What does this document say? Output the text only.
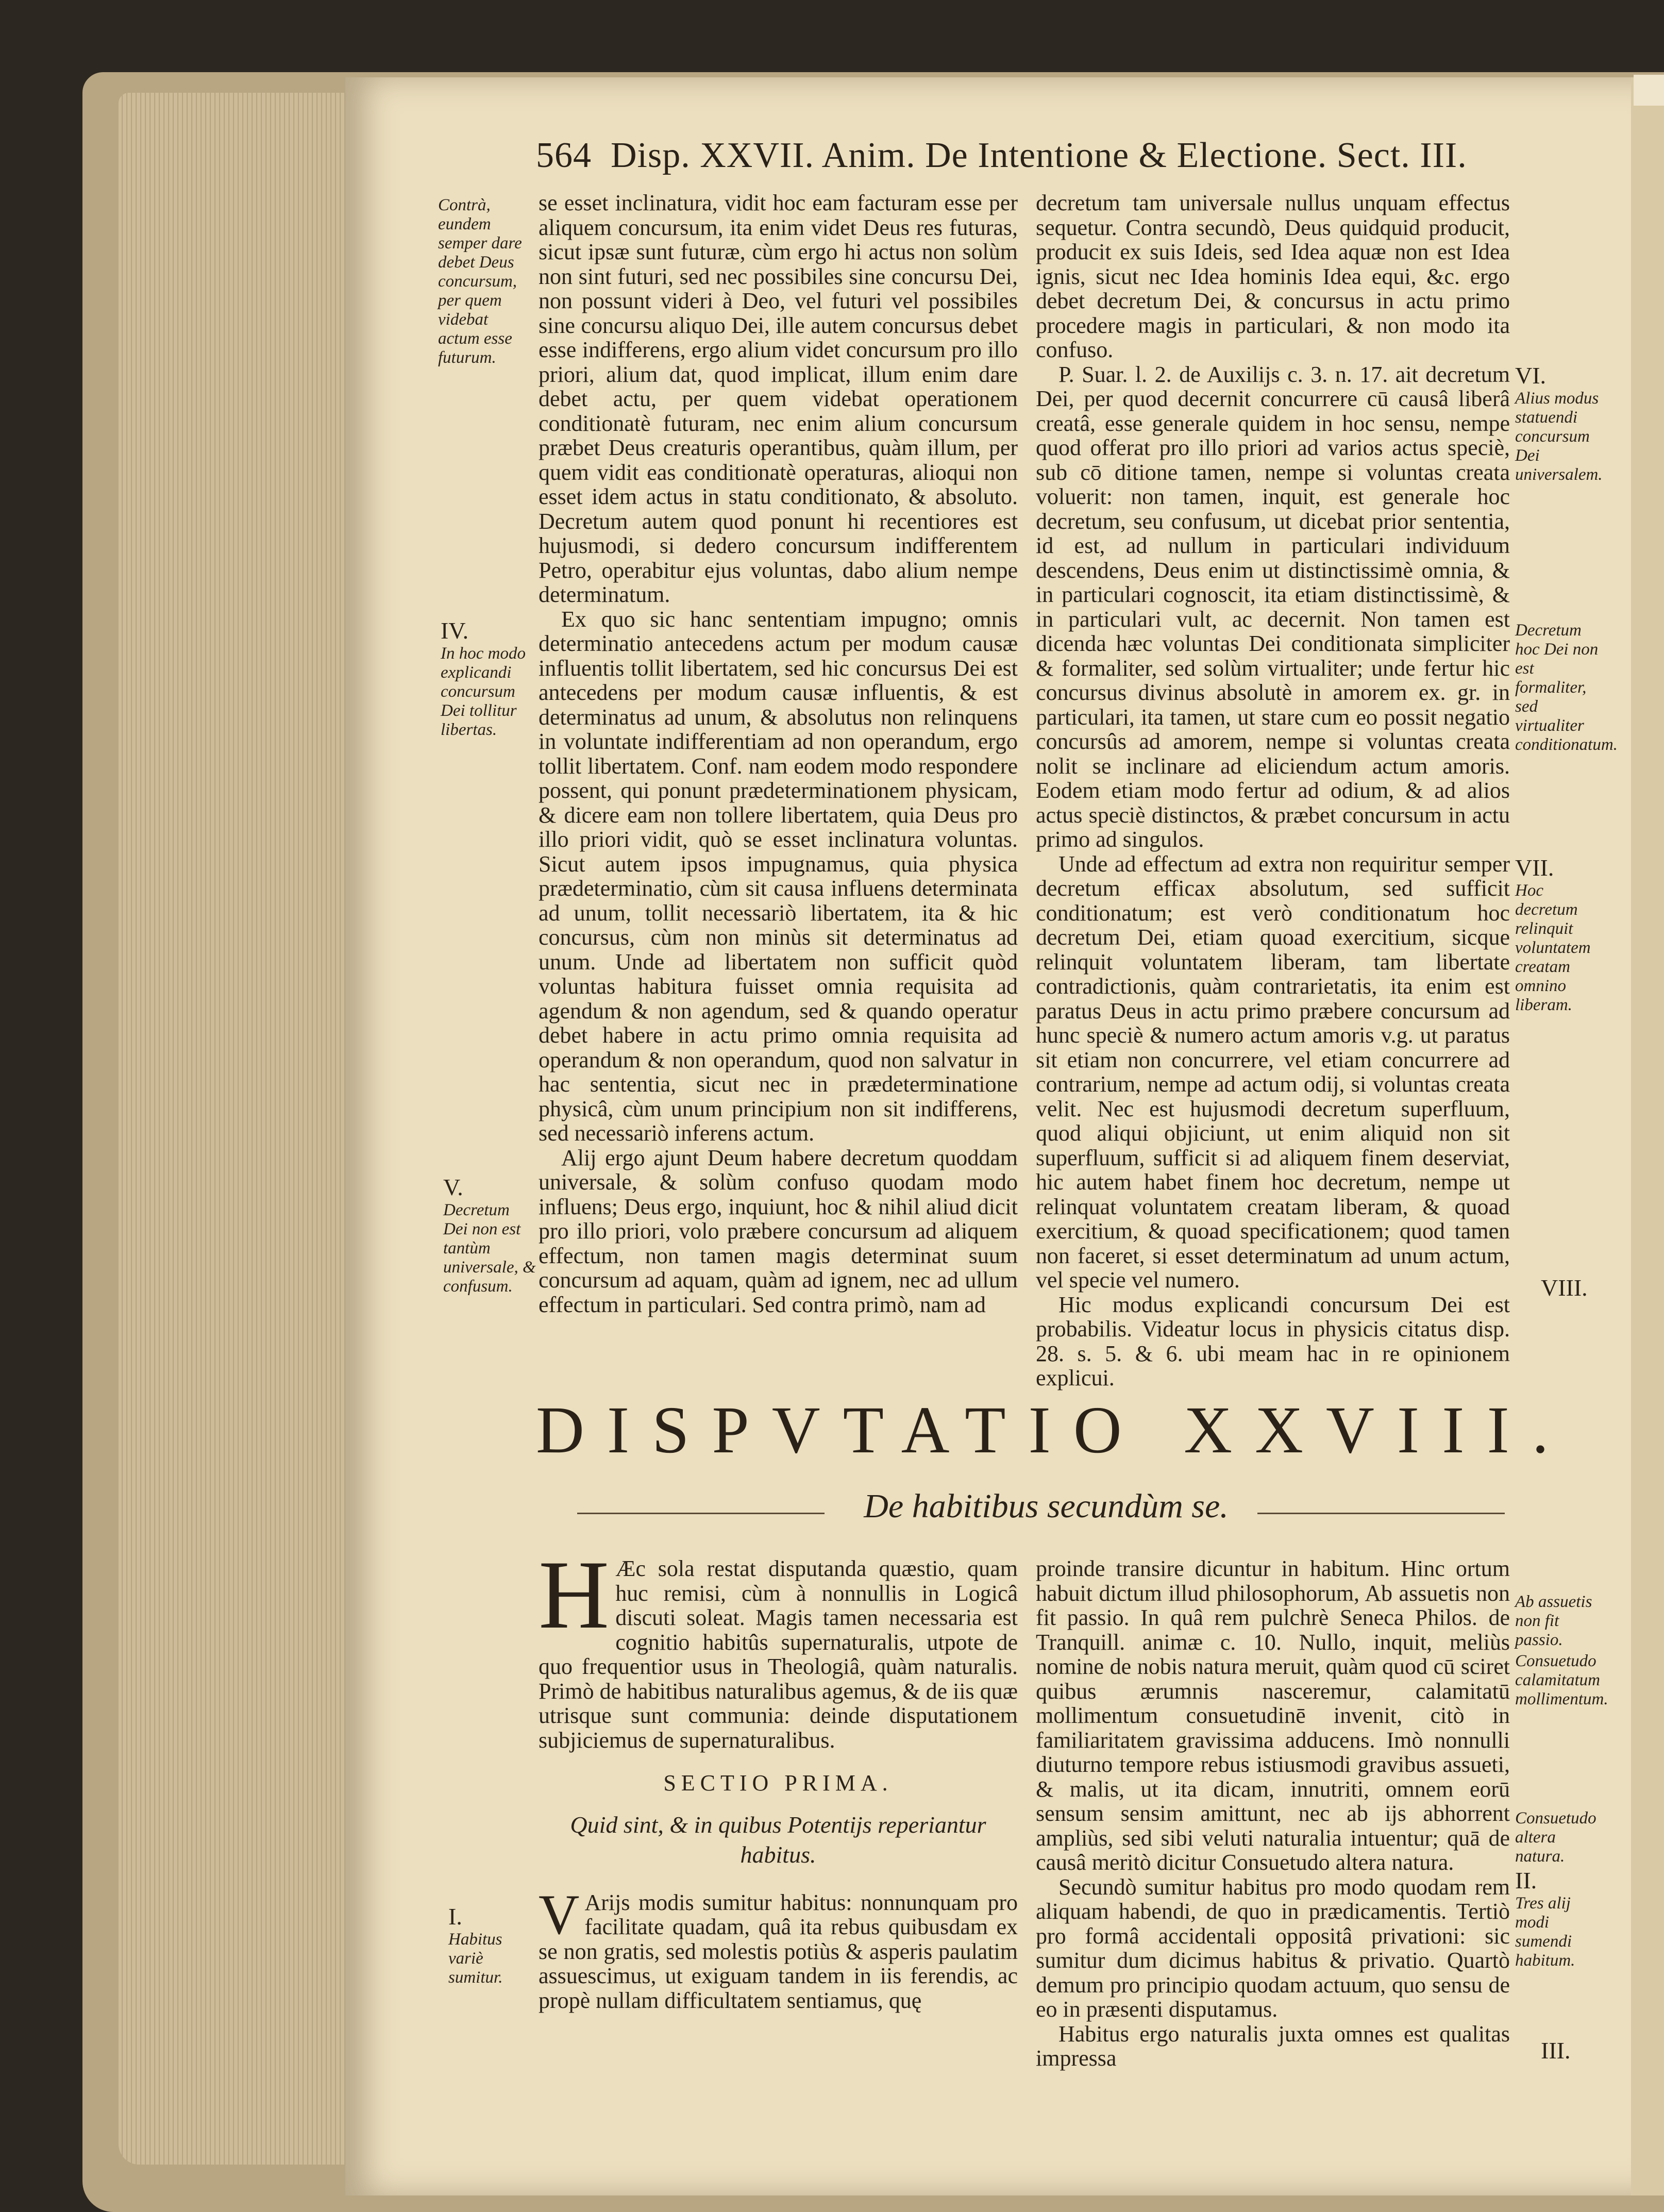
564 Disp. XXVII. Anim. De Intentione & Electione. Sect. III.
Contrà, eundem semper dare debet Deus concursum, per quem videbat actum esse futurum.
IV.
In hoc modo explicandi concursum Dei tollitur libertas.
V.
Decretum Dei non est tantùm universale, & confusum.

se esset inclinatura, vidit hoc eam facturam esse per aliquem concursum, ita enim videt Deus res futuras, sicut ipsæ sunt futuræ, cùm ergo hi actus non solùm non sint futuri, sed nec possibiles sine concursu Dei, non possunt videri à Deo, vel futuri vel possibiles sine concursu aliquo Dei, ille autem concursus debet esse indifferens, ergo alium videt concursum pro illo priori, alium dat, quod implicat, illum enim dare debet actu, per quem videbat operationem conditionatè futuram, nec enim alium concursum præbet Deus creaturis operantibus, quàm illum, per quem vidit eas conditionatè operaturas, alioqui non esset idem actus in statu conditionato, & absoluto. Decretum autem quod ponunt hi recentiores est hujusmodi, si dedero concursum indifferentem Petro, operabitur ejus voluntas, dabo alium nempe determinatum.

Ex quo sic hanc sententiam impugno; omnis determinatio antecedens actum per modum causæ influentis tollit libertatem, sed hic concursus Dei est antecedens per modum causæ influentis, & est determinatus ad unum, & absolutus non relinquens in voluntate indifferentiam ad non operandum, ergo tollit libertatem. Conf. nam eodem modo respondere possent, qui ponunt prædeterminationem physicam, & dicere eam non tollere libertatem, quia Deus pro illo priori vidit, quò se esset inclinatura voluntas. Sicut autem ipsos impugnamus, quia physica prædeterminatio, cùm sit causa influens determinata ad unum, tollit necessariò libertatem, ita & hic concursus, cùm non minùs sit determinatus ad unum. Unde ad libertatem non sufficit quòd voluntas habitura fuisset omnia requisita ad agendum & non agendum, sed & quando operatur debet habere in actu primo omnia requisita ad operandum & non operandum, quod non salvatur in hac sententia, sicut nec in prædeterminatione physicâ, cùm unum principium non sit indifferens, sed necessariò inferens actum.

Alij ergo ajunt Deum habere decretum quoddam universale, & solùm confuso quodam modo influens; Deus ergo, inquiunt, hoc & nihil aliud dicit pro illo priori, volo præbere concursum ad aliquem effectum, non tamen magis determinat suum concursum ad aquam, quàm ad ignem, nec ad ullum effectum in particulari. Sed contra primò, nam ad

decretum tam universale nullus unquam effectus sequetur. Contra secundò, Deus quidquid producit, producit ex suis Ideis, sed Idea aquæ non est Idea ignis, sicut nec Idea hominis Idea equi, &c. ergo debet decretum Dei, & concursus in actu primo procedere magis in particulari, & non modo ita confuso.

P. Suar. l. 2. de Auxilijs c. 3. n. 17. ait decretum Dei, per quod decernit concurrere cū causâ liberâ creatâ, esse generale quidem in hoc sensu, nempe quod offerat pro illo priori ad varios actus speciè, sub cō ditione tamen, nempe si voluntas creata voluerit: non tamen, inquit, est generale hoc decretum, seu confusum, ut dicebat prior sententia, id est, ad nullum in particulari individuum descendens, Deus enim ut distinctissimè omnia, & in particulari cognoscit, ita etiam distinctissimè, & in particulari vult, ac decernit. Non tamen est dicenda hæc voluntas Dei conditionata simpliciter & formaliter, sed solùm virtualiter; unde fertur hic concursus divinus absolutè in amorem ex. gr. in particulari, ita tamen, ut stare cum eo possit negatio concursûs ad amorem, nempe si voluntas creata nolit se inclinare ad eliciendum actum amoris. Eodem etiam modo fertur ad odium, & ad alios actus speciè distinctos, & præbet concursum in actu primo ad singulos.

Unde ad effectum ad extra non requiritur semper decretum efficax absolutum, sed sufficit conditionatum; est verò conditionatum hoc decretum Dei, etiam quoad exercitium, sicque relinquit voluntatem liberam, tam libertate contradictionis, quàm contrarietatis, ita enim est paratus Deus in actu primo præbere concursum ad hunc speciè & numero actum amoris v.g. ut paratus sit etiam non concurrere, vel etiam concurrere ad contrarium, nempe ad actum odij, si voluntas creata velit. Nec est hujusmodi decretum superfluum, quod aliqui objiciunt, ut enim aliquid non sit superfluum, sufficit si ad aliquem finem deserviat, hic autem habet finem hoc decretum, nempe ut relinquat voluntatem creatam liberam, & quoad exercitium, & quoad specificationem; quod tamen non faceret, si esset determinatum ad unum actum, vel specie vel numero.

Hic modus explicandi concursum Dei est probabilis. Videatur locus in physicis citatus disp. 28. s. 5. & 6. ubi meam hac in re opinionem explicui.

VI.
Alius modus statuendi concursum Dei universalem.
Decretum hoc Dei non est formaliter, sed virtualiter conditionatum.
VII.
Hoc decretum relinquit voluntatem creatam omnino liberam.
VIII.
DISPVTATIO XXVIII.
De habitibus secundùm se.

H Æc sola restat disputanda quæstio, quam huc remisi, cùm à nonnullis in Logicâ discuti soleat. Magis tamen necessaria est cognitio habitûs supernaturalis, utpote de quo frequentior usus in Theologiâ, quàm naturalis. Primò de habitibus naturalibus agemus, & de iis quæ utrisque sunt communia: deinde disputationem subjiciemus de supernaturalibus.

SECTIO PRIMA.
Quid sint, & in quibus Potentijs reperiantur habitus.

V Arijs modis sumitur habitus: nonnunquam pro facilitate quadam, quâ ita rebus quibusdam ex se non gratis, sed molestis potiùs & asperis paulatim assuescimus, ut exiguam tandem in iis ferendis, ac propè nullam difficultatem sentiamus, quę

I.
Habitus variè sumitur.

proinde transire dicuntur in habitum. Hinc ortum habuit dictum illud philosophorum, Ab assuetis non fit passio. In quâ rem pulchrè Seneca Philos. de Tranquill. animæ c. 10. Nullo, inquit, meliùs nomine de nobis natura meruit, quàm quod cū sciret quibus ærumnis nasceremur, calamitatū mollimentum consuetudinē invenit, citò in familiaritatem gravissima adducens. Imò nonnulli diuturno tempore rebus istiusmodi gravibus assueti, & malis, ut ita dicam, innutriti, omnem eorū sensum sensim amittunt, nec ab ijs abhorrent ampliùs, sed sibi veluti naturalia intuentur; quā de causâ meritò dicitur Consuetudo altera natura.

Secundò sumitur habitus pro modo quodam rem aliquam habendi, de quo in prædicamentis. Tertiò pro formâ accidentali oppositâ privationi: sic sumitur dum dicimus habitus & privatio. Quartò demum pro principio quodam actuum, quo sensu de eo in præsenti disputamus.

Habitus ergo naturalis juxta omnes est qualitas impressa

Ab assuetis non fit passio.
Consuetudo calamitatum mollimentum.
Consuetudo altera natura.
II.
Tres alij modi sumendi habitum.
III.
